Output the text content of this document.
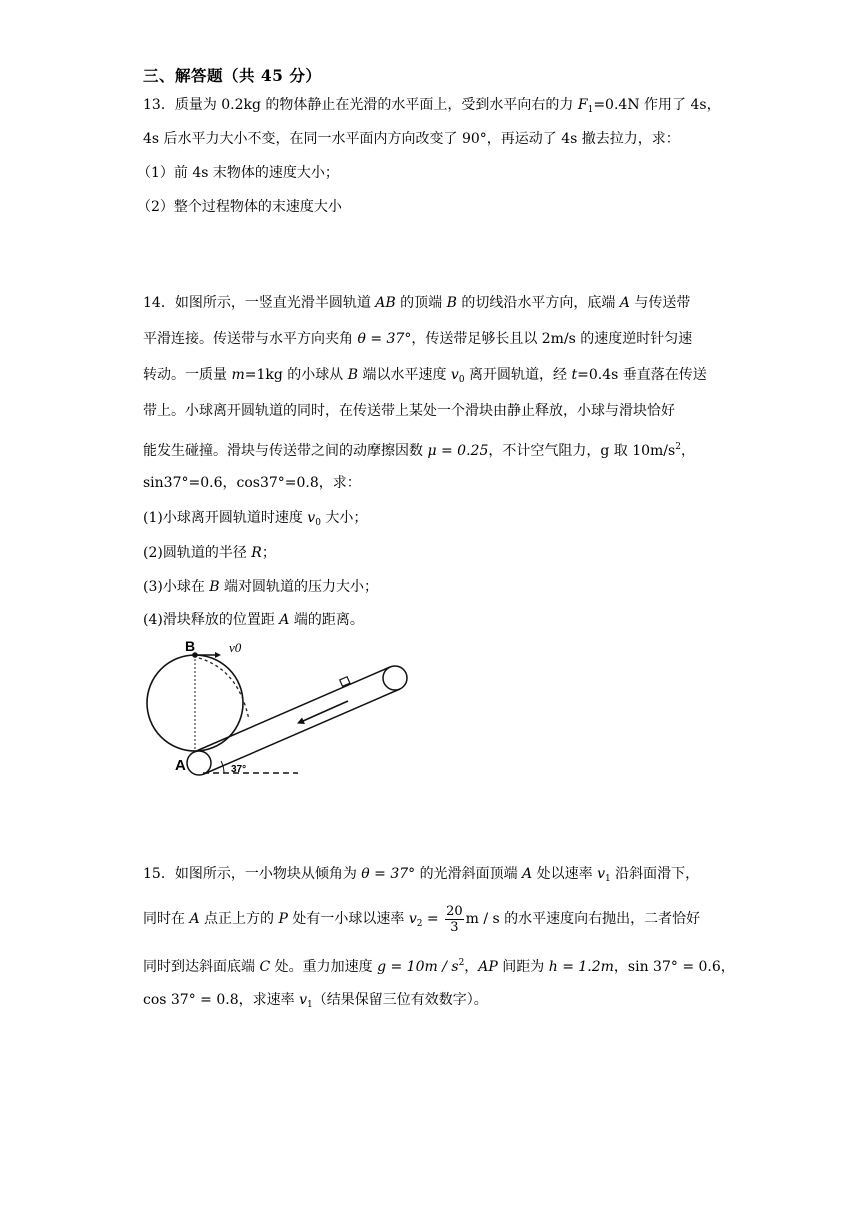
三、解答题（共 45 分）
13．质量为 0.2kg 的物体静止在光滑的水平面上，受到水平向右的力 $F_1=0.4N$ 作用了 4s，
4s 后水平力大小不变，在同一水平面内方向改变了 90°，再运动了 4s 撤去拉力，求：
（1）前 4s 末物体的速度大小；
（2）整个过程物体的末速度大小
14．如图所示，一竖直光滑半圆轨道 AB 的顶端 B 的切线沿水平方向，底端 A 与传送带
平滑连接。传送带与水平方向夹角 θ = 37°，传送带足够长且以 2m/s 的速度逆时针匀速
转动。一质量 m=1kg 的小球从 B 端以水平速度 $v_0$ 离开圆轨道，经 t=0.4s 垂直落在传送
带上。小球离开圆轨道的同时，在传送带上某处一个滑块由静止释放，小球与滑块恰好
能发生碰撞。滑块与传送带之间的动摩擦因数 μ = 0.25，不计空气阻力，g 取 $10m/s^2$，
sin37°=0.6，cos37°=0.8，求：
(1)小球离开圆轨道时速度 $v_0$ 大小；
(2)圆轨道的半径 R；
(3)小球在 B 端对圆轨道的压力大小；
(4)滑块释放的位置距 A 端的距离。
B	v0
A	37°
15．如图所示，一小物块从倾角为 θ = 37° 的光滑斜面顶端 A 处以速率 $v_1$ 沿斜面滑下，
同时在 A 点正上方的 P 处有一小球以速率 $v_2 = \frac{20}{3}$ m / s 的水平速度向右抛出，二者恰好
同时到达斜面底端 C 处。重力加速度 $g = 10m / s^2$，AP 间距为 h = 1.2m，sin 37° = 0.6，
cos 37° = 0.8，求速率 $v_1$（结果保留三位有效数字）。
